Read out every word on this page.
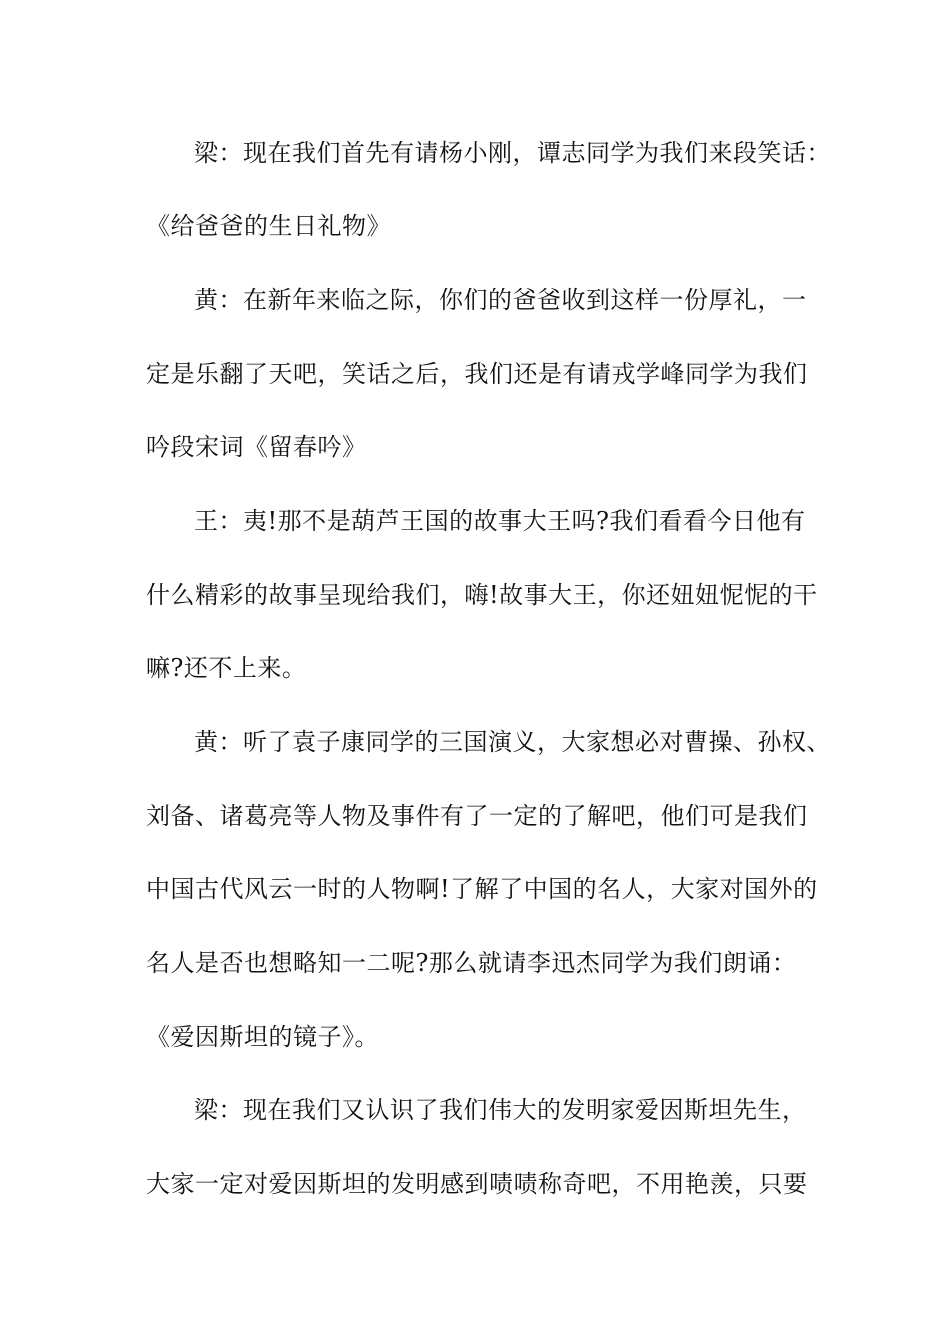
梁：现在我们首先有请杨小刚，谭志同学为我们来段笑话：

《给爸爸的生日礼物》

黄：在新年来临之际，你们的爸爸收到这样一份厚礼，一

定是乐翻了天吧，笑话之后，我们还是有请戎学峰同学为我们

吟段宋词《留春吟》

王：夷!那不是葫芦王国的故事大王吗?我们看看今日他有

什么精彩的故事呈现给我们，嗨!故事大王，你还妞妞怩怩的干

嘛?还不上来。

黄：听了袁子康同学的三国演义，大家想必对曹操、孙权、

刘备、诸葛亮等人物及事件有了一定的了解吧，他们可是我们

中国古代风云一时的人物啊!了解了中国的名人，大家对国外的

名人是否也想略知一二呢?那么就请李迅杰同学为我们朗诵：

《爱因斯坦的镜子》。

梁：现在我们又认识了我们伟大的发明家爱因斯坦先生，

大家一定对爱因斯坦的发明感到啧啧称奇吧，不用艳羡，只要
